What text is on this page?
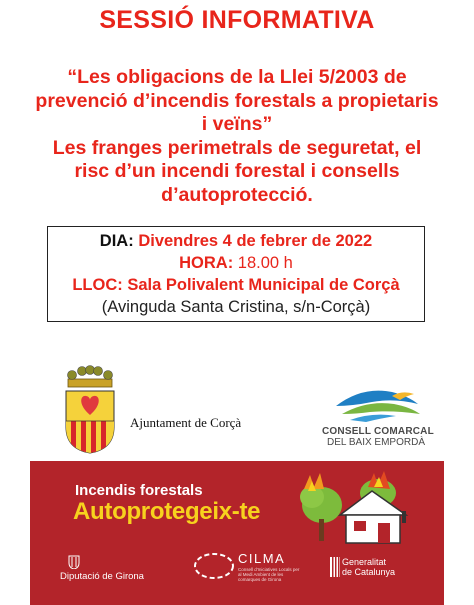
SESSIÓ INFORMATIVA
“Les obligacions de la Llei 5/2003 de
prevenció d’incendis forestals a propietaris
i veïns”
Les franges perimetrals de seguretat, el
risc d’un incendi forestal i consells
d’autoprotecció.
DIA: Divendres 4 de febrer de 2022
HORA: 18.00 h
LLOC: Sala Polivalent Municipal de Corçà
(Avinguda Santa Cristina, s/n-Corçà)
Ajuntament de Corçà
CONSELL COMARCAL
DEL BAIX EMPORDÀ
Incendis forestals
Autoprotegeix-te
Diputació de Girona
CILMA
Consell d'Iniciatives Locals per al Medi Ambient de les comarques de Girona
Generalitat
de Catalunya
